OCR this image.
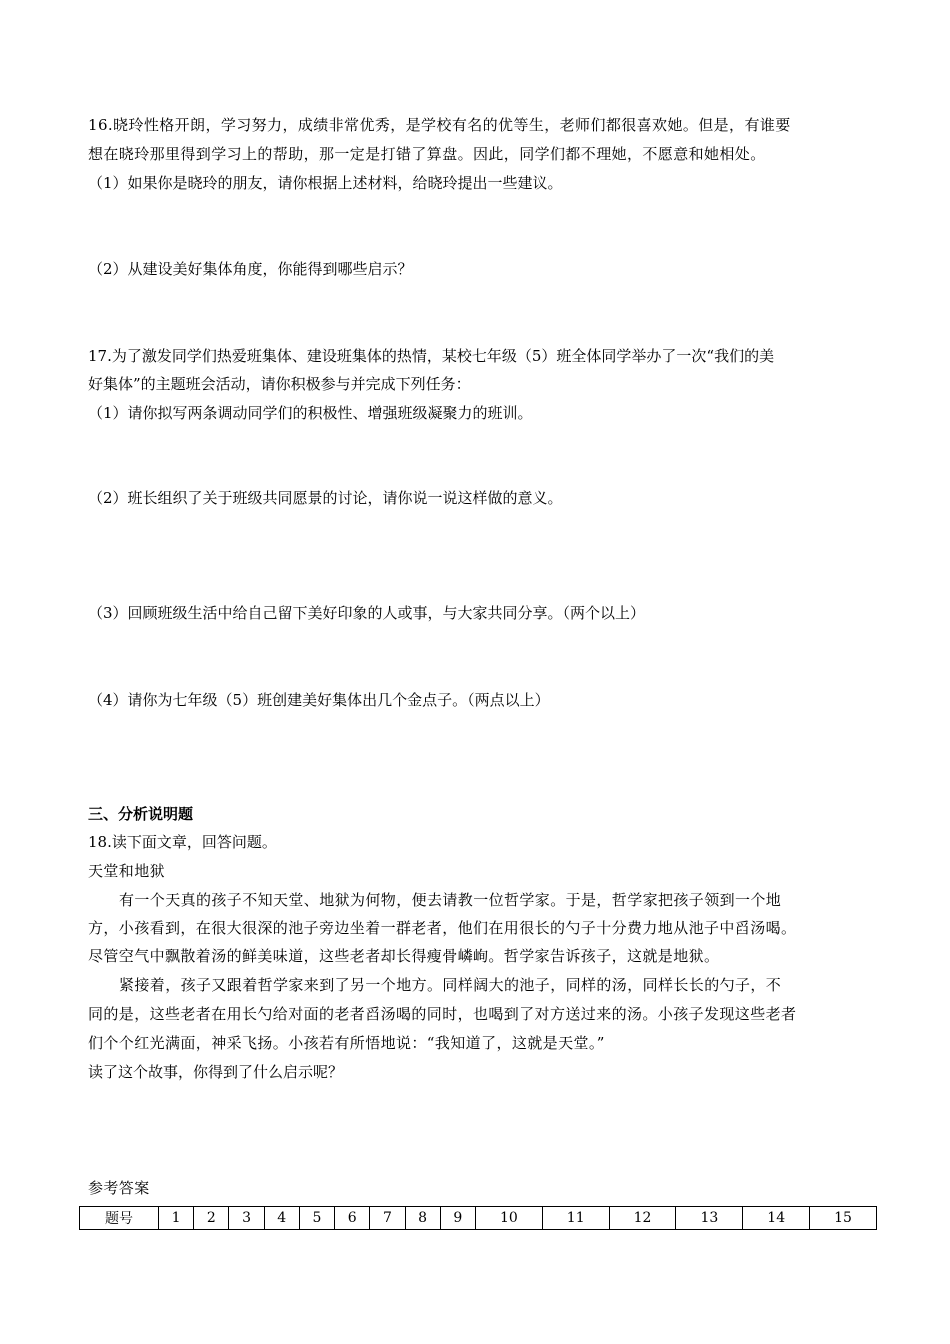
16.晓玲性格开朗，学习努力，成绩非常优秀，是学校有名的优等生，老师们都很喜欢她。但是，有谁要
想在晓玲那里得到学习上的帮助，那一定是打错了算盘。因此，同学们都不理她，不愿意和她相处。
（1）如果你是晓玲的朋友，请你根据上述材料，给晓玲提出一些建议。
（2）从建设美好集体角度，你能得到哪些启示？
17.为了激发同学们热爱班集体、建设班集体的热情，某校七年级（5）班全体同学举办了一次“我们的美
好集体”的主题班会活动，请你积极参与并完成下列任务：
（1）请你拟写两条调动同学们的积极性、增强班级凝聚力的班训。
（2）班长组织了关于班级共同愿景的讨论，请你说一说这样做的意义。
（3）回顾班级生活中给自己留下美好印象的人或事，与大家共同分享。（两个以上）
（4）请你为七年级（5）班创建美好集体出几个金点子。（两点以上）
三、分析说明题
18.读下面文章，回答问题。
天堂和地狱
有一个天真的孩子不知天堂、地狱为何物，便去请教一位哲学家。于是，哲学家把孩子领到一个地
方，小孩看到，在很大很深的池子旁边坐着一群老者，他们在用很长的勺子十分费力地从池子中舀汤喝。
尽管空气中飘散着汤的鲜美味道，这些老者却长得瘦骨嶙峋。哲学家告诉孩子，这就是地狱。
紧接着，孩子又跟着哲学家来到了另一个地方。同样阔大的池子，同样的汤，同样长长的勺子，不
同的是，这些老者在用长勺给对面的老者舀汤喝的同时，也喝到了对方送过来的汤。小孩子发现这些老者
们个个红光满面，神采飞扬。小孩若有所悟地说：“我知道了，这就是天堂。”
读了这个故事，你得到了什么启示呢？
参考答案
题号	1	2	3	4	5	6	7	8	9	10	11	12	13	14	15
